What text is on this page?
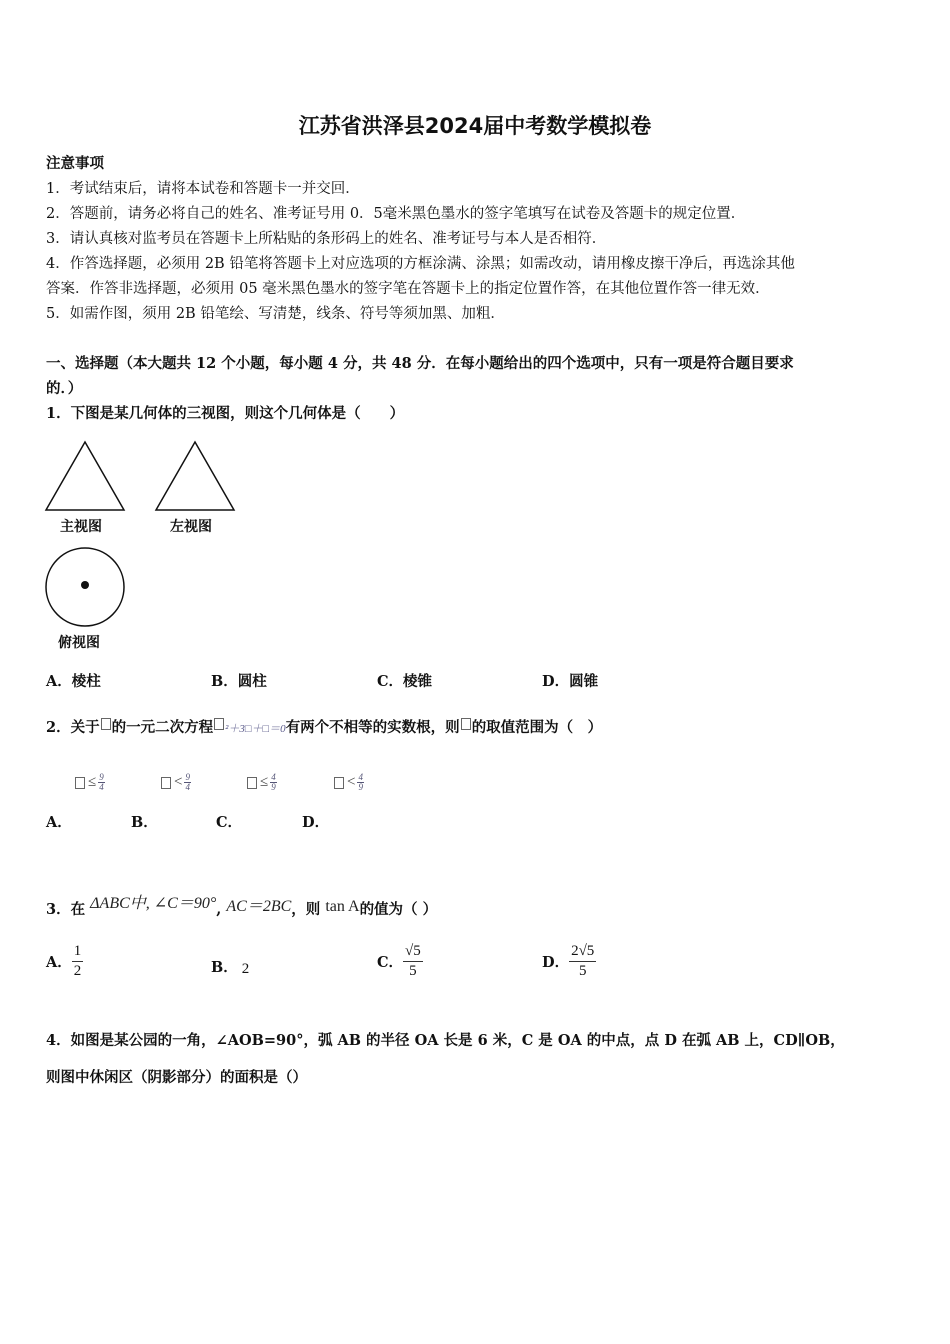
江苏省洪泽县2024届中考数学模拟卷
注意事项
1．考试结束后，请将本试卷和答题卡一并交回．
2．答题前，请务必将自己的姓名、准考证号用 0．5毫米黑色墨水的签字笔填写在试卷及答题卡的规定位置．
3．请认真核对监考员在答题卡上所粘贴的条形码上的姓名、准考证号与本人是否相符．
4．作答选择题，必须用 2B 铅笔将答题卡上对应选项的方框涂满、涂黑；如需改动，请用橡皮擦干净后，再选涂其他
答案．作答非选择题，必须用 05 毫米黑色墨水的签字笔在答题卡上的指定位置作答，在其他位置作答一律无效．
5．如需作图，须用 2B 铅笔绘、写清楚，线条、符号等须加黑、加粗．
一、选择题（本大题共 12 个小题，每小题 4 分，共 48 分．在每小题给出的四个选项中，只有一项是符合题目要求
的．）
1．下图是某几何体的三视图，则这个几何体是（　　）
主视图	左视图
俯视图
A．棱柱	B．圆柱	C．棱锥	D．圆锥
2．关于 的一元二次方程 ²＋3□＋□＝0有两个不相等的实数根，则 的取值范围为（　）
≤ $\frac{9}{4}$	< $\frac{9}{4}$	≤ $\frac{4}{9}$	< $\frac{4}{9}$
A．	B．	C．	D．
3．在 ΔABC中, ∠C＝90°, AC＝2BC，则 tan A的值为（ ）
A． $\frac{1}{2}$	B． 2	C． $\frac{√5}{5}$	D． $\frac{2√5}{5}$
4．如图是某公园的一角，∠AOB=90°，弧 AB 的半径 OA 长是 6 米，C 是 OA 的中点，点 D 在弧 AB 上，CD∥OB，
则图中休闲区（阴影部分）的面积是（）
